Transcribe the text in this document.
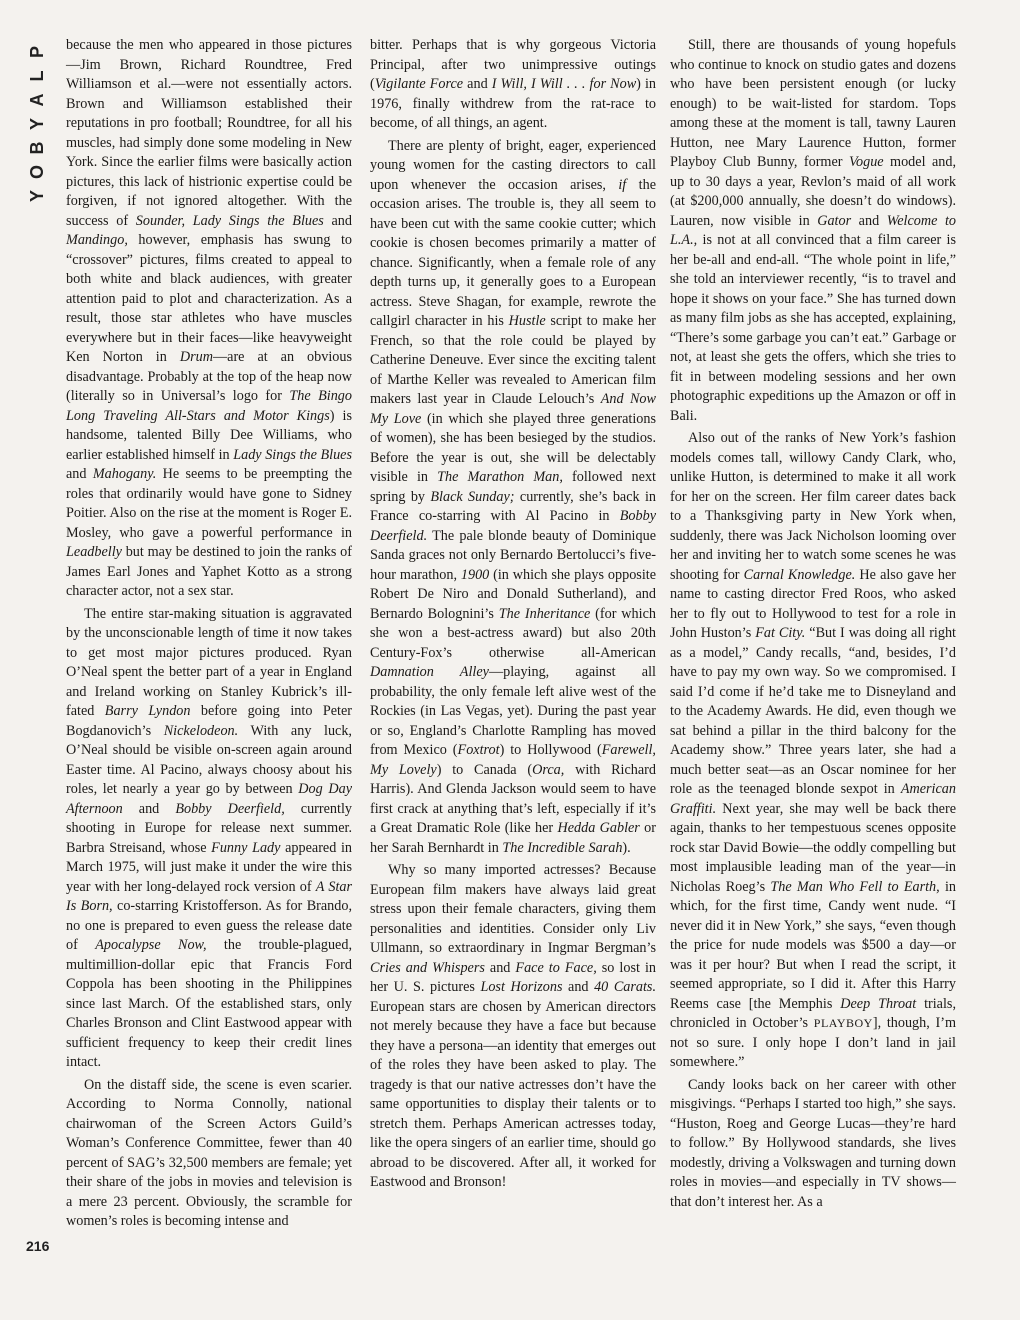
P
L
A
Y
B
O
Y
216

because the men who appeared in those pictures—Jim Brown, Richard Roundtree, Fred Williamson et al.—were not essentially actors. Brown and Williamson established their reputations in pro football; Roundtree, for all his muscles, had simply done some modeling in New York. Since the earlier films were basically action pictures, this lack of histrionic expertise could be forgiven, if not ignored altogether. With the success of Sounder, Lady Sings the Blues and Mandingo, however, emphasis has swung to “crossover” pictures, films created to appeal to both white and black audiences, with greater attention paid to plot and characterization. As a result, those star athletes who have muscles everywhere but in their faces—like heavyweight Ken Norton in Drum—are at an obvious disadvantage. Probably at the top of the heap now (literally so in Universal’s logo for The Bingo Long Traveling All-Stars and Motor Kings) is handsome, talented Billy Dee Williams, who earlier established himself in Lady Sings the Blues and Mahogany. He seems to be preempting the roles that ordinarily would have gone to Sidney Poitier. Also on the rise at the moment is Roger E. Mosley, who gave a powerful performance in Leadbelly but may be destined to join the ranks of James Earl Jones and Yaphet Kotto as a strong character actor, not a sex star.

The entire star-making situation is aggravated by the unconscionable length of time it now takes to get most major pictures produced. Ryan O’Neal spent the better part of a year in England and Ireland working on Stanley Kubrick’s ill-fated Barry Lyndon before going into Peter Bogdanovich’s Nickelodeon. With any luck, O’Neal should be visible on-screen again around Easter time. Al Pacino, always choosy about his roles, let nearly a year go by between Dog Day Afternoon and Bobby Deerfield, currently shooting in Europe for release next summer. Barbra Streisand, whose Funny Lady appeared in March 1975, will just make it under the wire this year with her long-delayed rock version of A Star Is Born, co-starring Kristofferson. As for Brando, no one is prepared to even guess the release date of Apocalypse Now, the trouble-plagued, multimillion-dollar epic that Francis Ford Coppola has been shooting in the Philippines since last March. Of the established stars, only Charles Bronson and Clint Eastwood appear with sufficient frequency to keep their credit lines intact.

On the distaff side, the scene is even scarier. According to Norma Connolly, national chairwoman of the Screen Actors Guild’s Woman’s Conference Committee, fewer than 40 percent of SAG’s 32,500 members are female; yet their share of the jobs in movies and television is a mere 23 percent. Obviously, the scramble for women’s roles is becoming intense and

bitter. Perhaps that is why gorgeous Victoria Principal, after two unimpressive outings (Vigilante Force and I Will, I Will . . . for Now) in 1976, finally withdrew from the rat-race to become, of all things, an agent.

There are plenty of bright, eager, experienced young women for the casting directors to call upon whenever the occasion arises, if the occasion arises. The trouble is, they all seem to have been cut with the same cookie cutter; which cookie is chosen becomes primarily a matter of chance. Significantly, when a female role of any depth turns up, it generally goes to a European actress. Steve Shagan, for example, rewrote the callgirl character in his Hustle script to make her French, so that the role could be played by Catherine Deneuve. Ever since the exciting talent of Marthe Keller was revealed to American film makers last year in Claude Lelouch’s And Now My Love (in which she played three generations of women), she has been besieged by the studios. Before the year is out, she will be delectably visible in The Marathon Man, followed next spring by Black Sunday; currently, she’s back in France co-starring with Al Pacino in Bobby Deerfield. The pale blonde beauty of Dominique Sanda graces not only Bernardo Bertolucci’s five-hour marathon, 1900 (in which she plays opposite Robert De Niro and Donald Sutherland), and Bernardo Bolognini’s The Inheritance (for which she won a best-actress award) but also 20th Century-Fox’s otherwise all-American Damnation Alley—playing, against all probability, the only female left alive west of the Rockies (in Las Vegas, yet). During the past year or so, England’s Charlotte Rampling has moved from Mexico (Foxtrot) to Hollywood (Farewell, My Lovely) to Canada (Orca, with Richard Harris). And Glenda Jackson would seem to have first crack at anything that’s left, especially if it’s a Great Dramatic Role (like her Hedda Gabler or her Sarah Bernhardt in The Incredible Sarah).

Why so many imported actresses? Because European film makers have always laid great stress upon their female characters, giving them personalities and identities. Consider only Liv Ullmann, so extraordinary in Ingmar Bergman’s Cries and Whispers and Face to Face, so lost in her U. S. pictures Lost Horizons and 40 Carats. European stars are chosen by American directors not merely because they have a face but because they have a persona—an identity that emerges out of the roles they have been asked to play. The tragedy is that our native actresses don’t have the same opportunities to display their talents or to stretch them. Perhaps American actresses today, like the opera singers of an earlier time, should go abroad to be discovered. After all, it worked for Eastwood and Bronson!

Still, there are thousands of young hopefuls who continue to knock on studio gates and dozens who have been persistent enough (or lucky enough) to be wait-listed for stardom. Tops among these at the moment is tall, tawny Lauren Hutton, nee Mary Laurence Hutton, former Playboy Club Bunny, former Vogue model and, up to 30 days a year, Revlon’s maid of all work (at $200,000 annually, she doesn’t do windows). Lauren, now visible in Gator and Welcome to L.A., is not at all convinced that a film career is her be-all and end-all. “The whole point in life,” she told an interviewer recently, “is to travel and hope it shows on your face.” She has turned down as many film jobs as she has accepted, explaining, “There’s some garbage you can’t eat.” Garbage or not, at least she gets the offers, which she tries to fit in between modeling sessions and her own photographic expeditions up the Amazon or off in Bali.

Also out of the ranks of New York’s fashion models comes tall, willowy Candy Clark, who, unlike Hutton, is determined to make it all work for her on the screen. Her film career dates back to a Thanksgiving party in New York when, suddenly, there was Jack Nicholson looming over her and inviting her to watch some scenes he was shooting for Carnal Knowledge. He also gave her name to casting director Fred Roos, who asked her to fly out to Hollywood to test for a role in John Huston’s Fat City. “But I was doing all right as a model,” Candy recalls, “and, besides, I’d have to pay my own way. So we compromised. I said I’d come if he’d take me to Disneyland and to the Academy Awards. He did, even though we sat behind a pillar in the third balcony for the Academy show.” Three years later, she had a much better seat—as an Oscar nominee for her role as the teenaged blonde sexpot in American Graffiti. Next year, she may well be back there again, thanks to her tempestuous scenes opposite rock star David Bowie—the oddly compelling but most implausible leading man of the year—in Nicholas Roeg’s The Man Who Fell to Earth, in which, for the first time, Candy went nude. “I never did it in New York,” she says, “even though the price for nude models was $500 a day—or was it per hour? But when I read the script, it seemed appropriate, so I did it. After this Harry Reems case [the Memphis Deep Throat trials, chronicled in October’s PLAYBOY], though, I’m not so sure. I only hope I don’t land in jail somewhere.”

Candy looks back on her career with other misgivings. “Perhaps I started too high,” she says. “Huston, Roeg and George Lucas—they’re hard to follow.” By Hollywood standards, she lives modestly, driving a Volkswagen and turning down roles in movies—and especially in TV shows—that don’t interest her. As a
